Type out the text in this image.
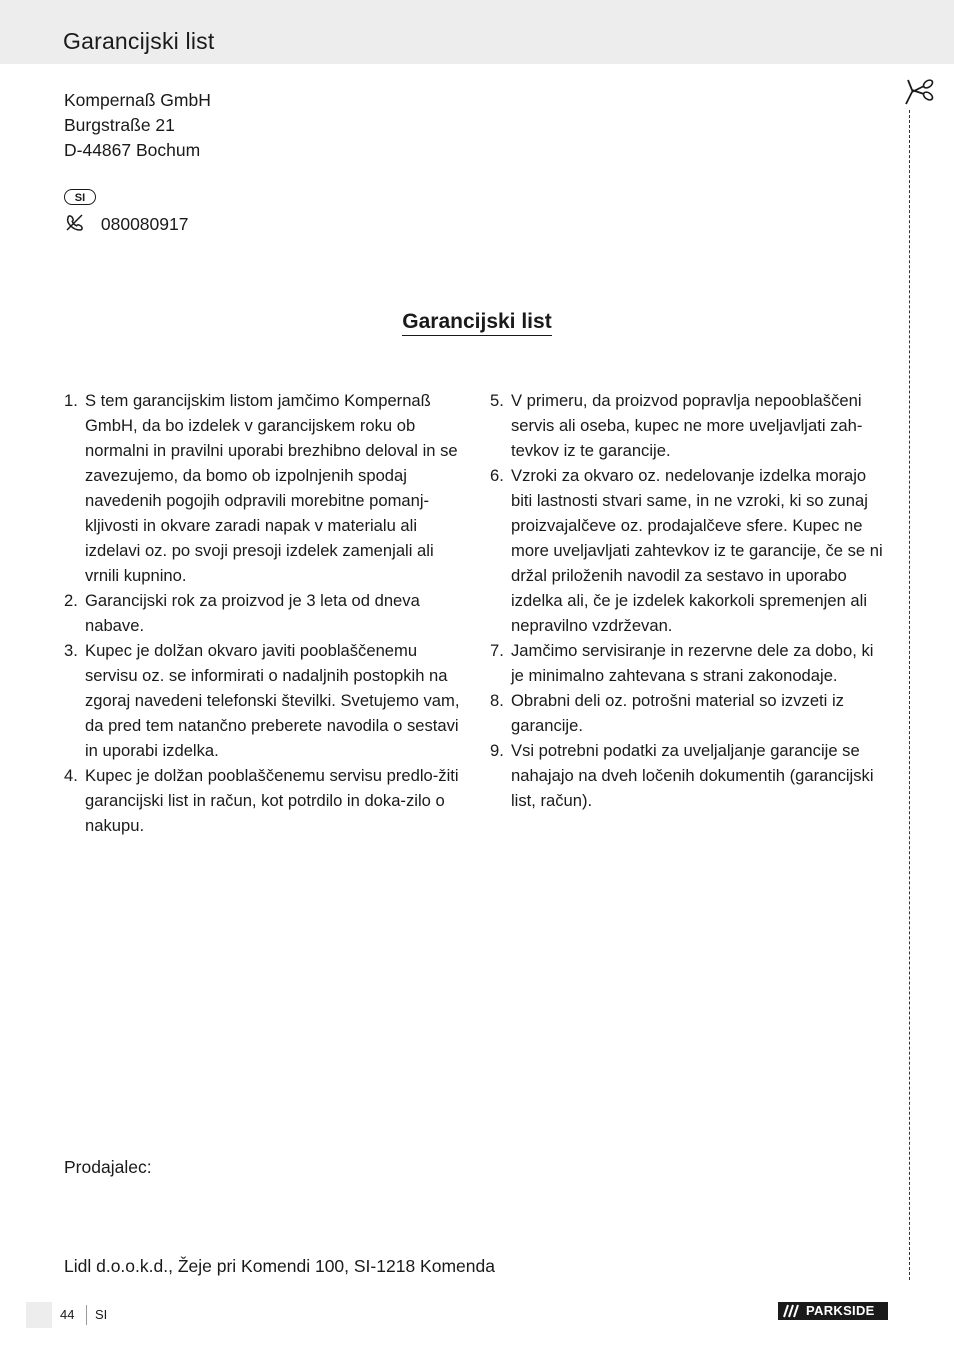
Garancijski list
Kompernaß GmbH
Burgstraße 21
D-44867 Bochum
SI
080080917
Garancijski list
1. S tem garancijskim listom jamčimo Kompernaß GmbH, da bo izdelek v garancijskem roku ob normalni in pravilni uporabi brezhibno deloval in se zavezujemo, da bomo ob izpolnjenih spodaj navedenih pogojih odpravili morebitne pomanj-kljivosti in okvare zaradi napak v materialu ali izdelavi oz. po svoji presoji izdelek zamenjali ali vrnili kupnino.
2. Garancijski rok za proizvod je 3 leta od dneva nabave.
3. Kupec je dolžan okvaro javiti pooblaščenemu servisu oz. se informirati o nadaljnih postopkih na zgoraj navedeni telefonski številki. Svetujemo vam, da pred tem natančno preberete navodila o sestavi in uporabi izdelka.
4. Kupec je dolžan pooblaščenemu servisu predlo-žiti garancijski list in račun, kot potrdilo in doka-zilo o nakupu.
5. V primeru, da proizvod popravlja nepooblaščeni servis ali oseba, kupec ne more uveljavljati zah-tevkov iz te garancije.
6. Vzroki za okvaro oz. nedelovanje izdelka morajo biti lastnosti stvari same, in ne vzroki, ki so zunaj proizvajalčeve oz. prodajalčeve sfere. Kupec ne more uveljavljati zahtevkov iz te garancije, če se ni držal priloženih navodil za sestavo in uporabo izdelka ali, če je izdelek kakorkoli spremenjen ali nepravilno vzdrževan.
7. Jamčimo servisiranje in rezervne dele za dobo, ki je minimalno zahtevana s strani zakonodaje.
8. Obrabni deli oz. potrošni material so izvzeti iz garancije.
9. Vsi potrebni podatki za uveljaljanje garancije se nahajajo na dveh ločenih dokumentih (garancijski list, račun).
Prodajalec:
Lidl d.o.o.k.d., Žeje pri Komendi 100, SI-1218 Komenda
44 SI	PARKSIDE
